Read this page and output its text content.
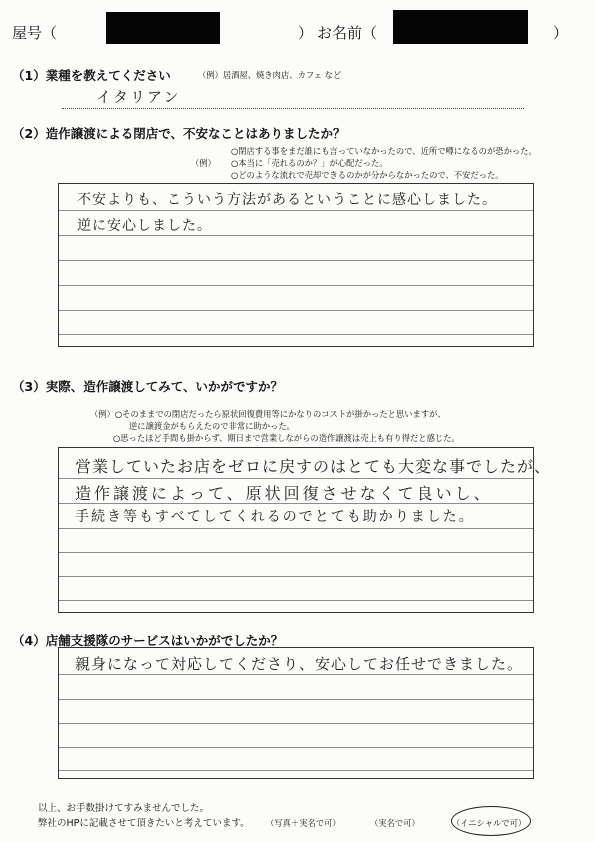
屋号（	） お名前（	）
（1）業種を教えてください	（例）居酒屋、焼き肉店、カフェ など
イタリアン
（2）造作譲渡による閉店で、不安なことはありましたか？
○閉店する事をまだ誰にも言っていなかったので、近所で噂になるのが恐かった。
（例） ○本当に「売れるのか？」が心配だった。
○どのような流れで売却できるのかが分からなかったので、不安だった。
不安よりも、こういう方法があるということに感心しました。
逆に安心しました。
（3）実際、造作譲渡してみて、いかがですか？
（例）○そのままでの閉店だったら原状回復費用等にかなりのコストが掛かったと思いますが、
逆に譲渡金がもらえたので非常に助かった。
○思ったほど手間も掛からず、期日まで営業しながらの造作譲渡は売上も有り得だと感じた。
営業していたお店をゼロに戻すのはとても大変な事でしたが、
造作譲渡によって、原状回復させなくて良いし、
手続き等もすべてしてくれるのでとても助かりました。
（4）店舗支援隊のサービスはいかがでしたか？
親身になって対応してくださり、安心してお任せできました。
以上、お手数掛けてすみませんでした。
弊社のHPに記載させて頂きたいと考えています。 （写真＋実名で可）	（実名で可）	（イニシャルで可）
